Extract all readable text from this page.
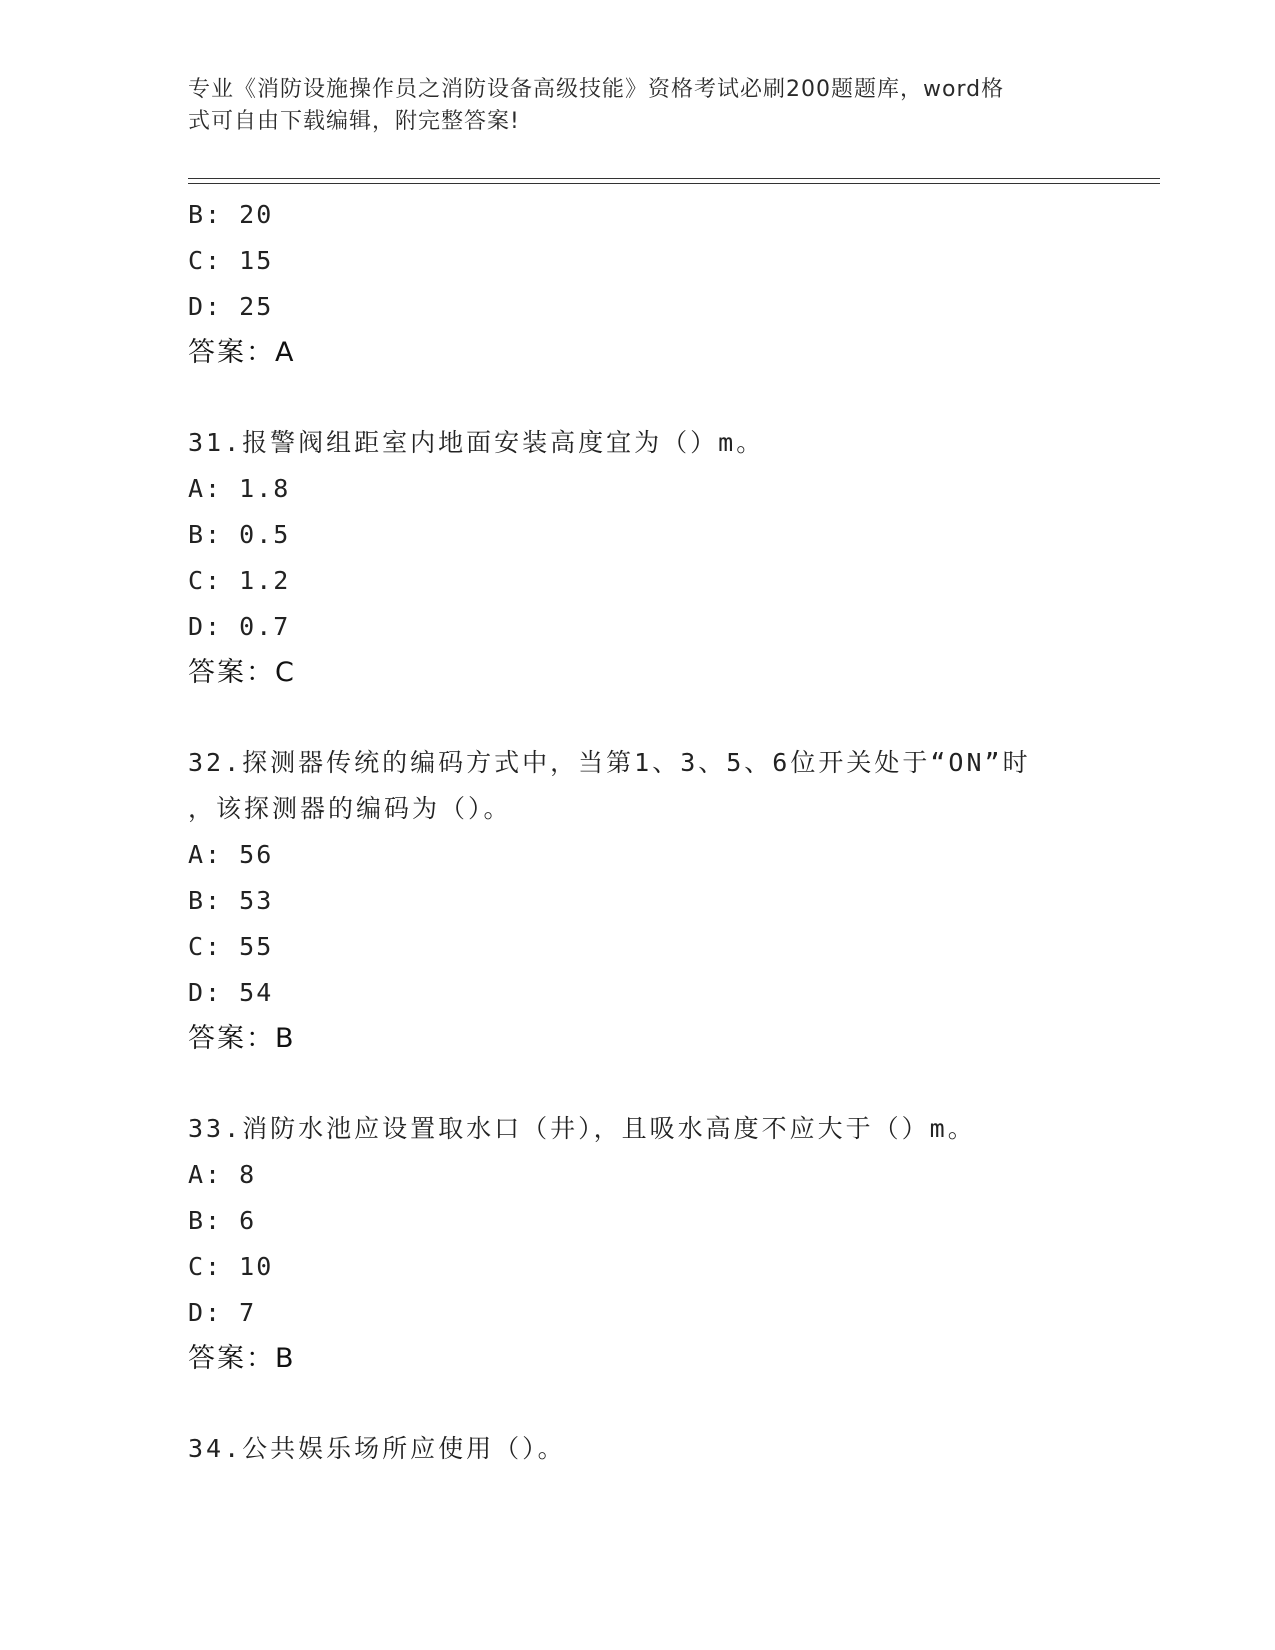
专业《消防设施操作员之消防设备高级技能》资格考试必刷200题题库，word格
式可自由下载编辑，附完整答案!
B: 20
C: 15
D: 25
答案：A
31.报警阀组距室内地面安装高度宜为（）m。
A: 1.8
B: 0.5
C: 1.2
D: 0.7
答案：C
32.探测器传统的编码方式中，当第1、3、5、6位开关处于“ON”时
，该探测器的编码为（）。
A: 56
B: 53
C: 55
D: 54
答案：B
33.消防水池应设置取水口（井），且吸水高度不应大于（）m。
A: 8
B: 6
C: 10
D: 7
答案：B
34.公共娱乐场所应使用（）。
